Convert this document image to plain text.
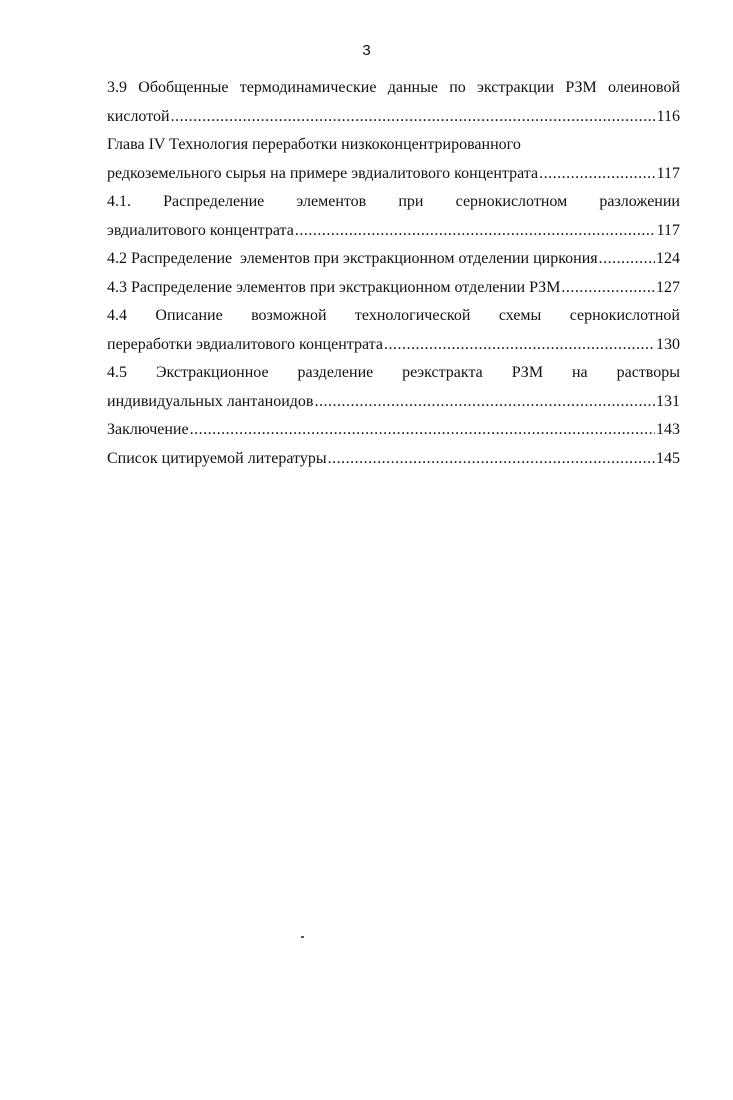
3
3.9 Обобщенные термодинамические данные по экстракции РЗМ олеиновой
кислотой .....	116
Глава IV Технология переработки низкоконцентрированного
редкоземельного сырья на примере эвдиалитового концентрата .....	117
4.1. Распределение элементов при сернокислотном разложении
эвдиалитового концентрата .....	117
4.2 Распределение  элементов при экстракционном отделении циркония .....	124
4.3 Распределение элементов при экстракционном отделении РЗМ .....	127
4.4 Описание возможной технологической схемы сернокислотной
переработки эвдиалитового концентрата .....	130
4.5 Экстракционное разделение реэкстракта РЗМ на растворы
индивидуальных лантаноидов .....	131
Заключение .....	143
Список цитируемой литературы .....	145
